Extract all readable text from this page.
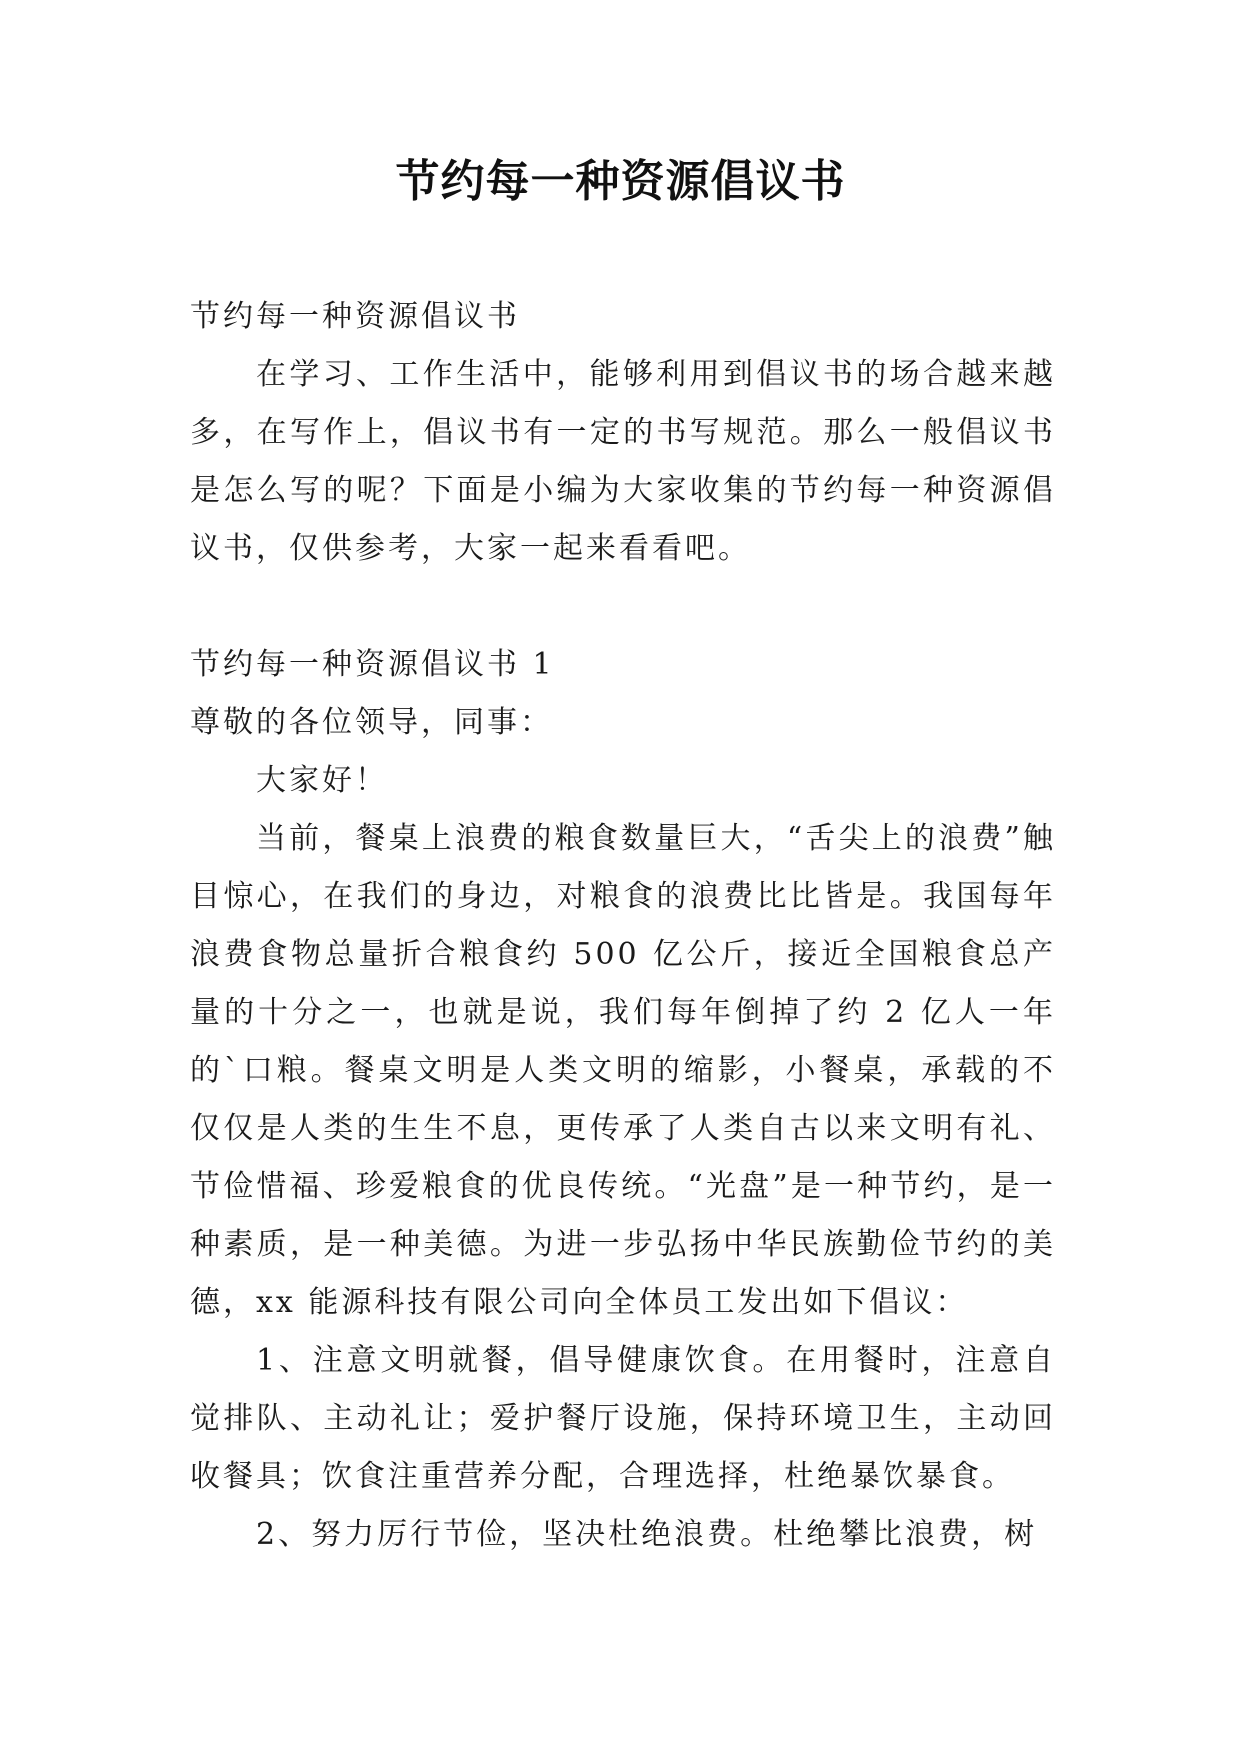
节约每一种资源倡议书

节约每一种资源倡议书

在学习、工作生活中，能够利用到倡议书的场合越来越多，在写作上，倡议书有一定的书写规范。那么一般倡议书是怎么写的呢？下面是小编为大家收集的节约每一种资源倡议书，仅供参考，大家一起来看看吧。

节约每一种资源倡议书 1

尊敬的各位领导，同事：

大家好！

当前，餐桌上浪费的粮食数量巨大，“舌尖上的浪费”触目惊心，在我们的身边，对粮食的浪费比比皆是。我国每年浪费食物总量折合粮食约 500 亿公斤，接近全国粮食总产量的十分之一，也就是说，我们每年倒掉了约 2 亿人一年的`口粮。餐桌文明是人类文明的缩影，小餐桌，承载的不仅仅是人类的生生不息，更传承了人类自古以来文明有礼、节俭惜福、珍爱粮食的优良传统。“光盘”是一种节约，是一种素质，是一种美德。为进一步弘扬中华民族勤俭节约的美德，xx 能源科技有限公司向全体员工发出如下倡议：

1、注意文明就餐，倡导健康饮食。在用餐时，注意自觉排队、主动礼让；爱护餐厅设施，保持环境卫生，主动回收餐具；饮食注重营养分配，合理选择，杜绝暴饮暴食。

2、努力厉行节俭，坚决杜绝浪费。杜绝攀比浪费，树
